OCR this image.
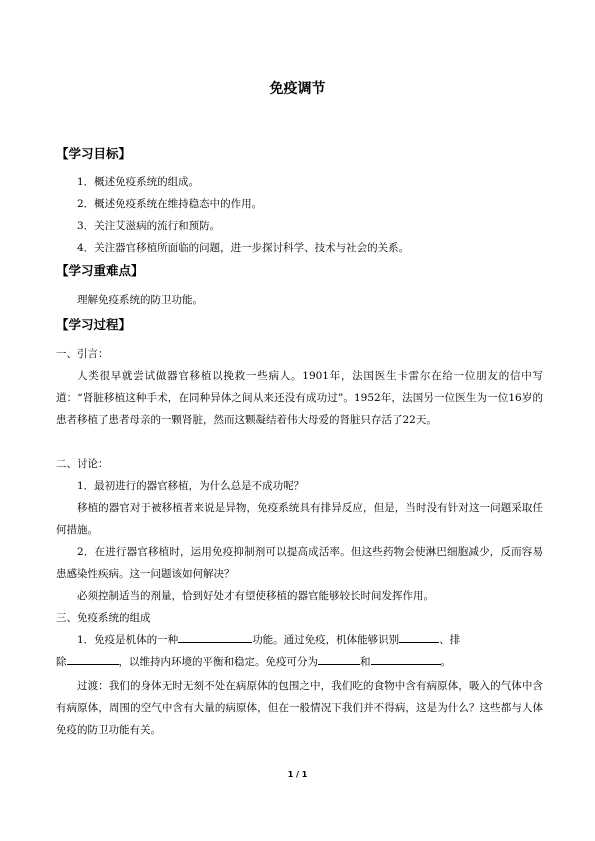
免疫调节
【学习目标】
1．概述免疫系统的组成。
2．概述免疫系统在维持稳态中的作用。
3．关注艾滋病的流行和预防。
4．关注器官移植所面临的问题，进一步探讨科学、技术与社会的关系。
【学习重难点】
理解免疫系统的防卫功能。
【学习过程】
一、引言：
人类很早就尝试做器官移植以挽救一些病人。1901年，法国医生卡雷尔在给一位朋友的信中写道：“肾脏移植这种手术，在同种异体之间从来还没有成功过”。1952年，法国另一位医生为一位16岁的患者移植了患者母亲的一颗肾脏，然而这颗凝结着伟大母爱的肾脏只存活了22天。
二、讨论：
1．最初进行的器官移植，为什么总是不成功呢？
移植的器官对于被移植者来说是异物，免疫系统具有排异反应，但是，当时没有针对这一问题采取任何措施。
2．在进行器官移植时，运用免疫抑制剂可以提高成活率。但这些药物会使淋巴细胞减少，反而容易患感染性疾病。这一问题该如何解决？
必须控制适当的剂量，恰到好处才有望使移植的器官能够较长时间发挥作用。
三、免疫系统的组成
1．免疫是机体的一种	功能。通过免疫，机体能够识别	、排
除	，以维持内环境的平衡和稳定。免疫可分为	和	。
过渡：我们的身体无时无刻不处在病原体的包围之中，我们吃的食物中含有病原体，吸入的气体中含有病原体，周围的空气中含有大量的病原体，但在一般情况下我们并不得病，这是为什么？这些都与人体免疫的防卫功能有关。
1 / 1
